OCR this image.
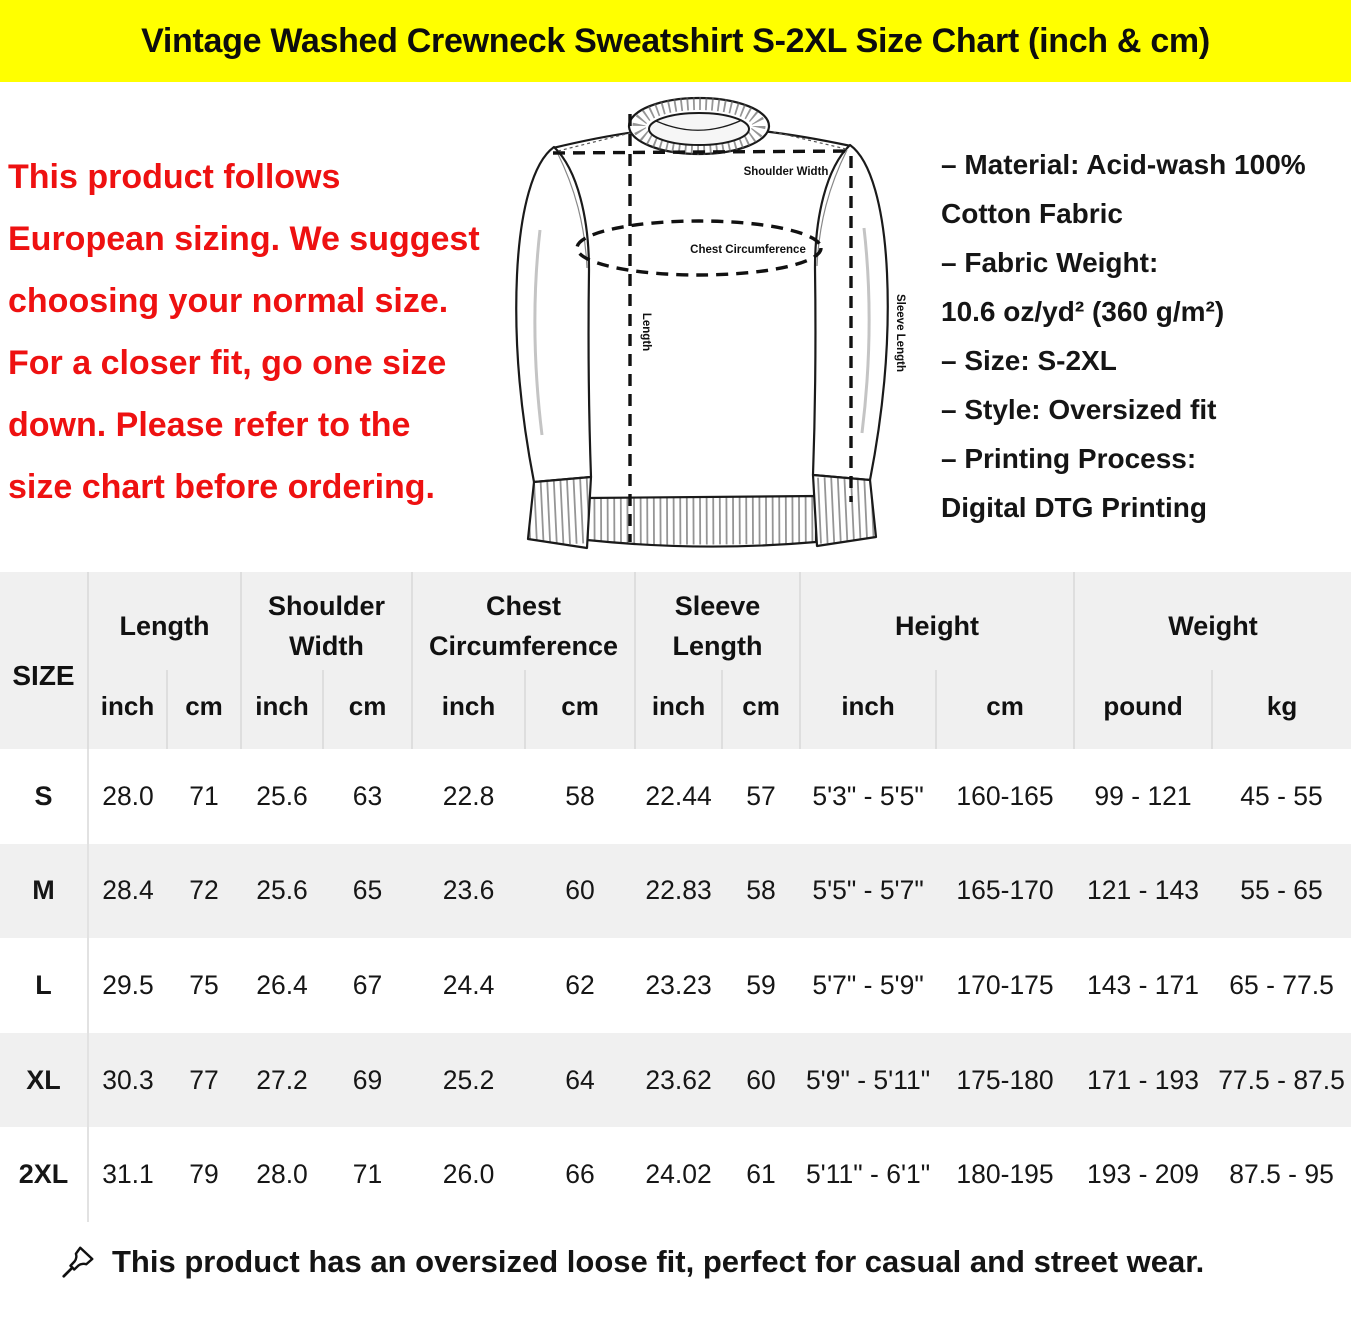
Vintage Washed Crewneck Sweatshirt S-2XL Size Chart (inch & cm)
This product follows
European sizing. We suggest
choosing your normal size.
For a closer fit, go one size
down. Please refer to the
size chart before ordering.
– Material: Acid-wash 100%
Cotton Fabric
– Fabric Weight:
10.6 oz/yd² (360 g/m²)
– Size: S-2XL
– Style: Oversized fit
– Printing Process:
Digital DTG Printing
Shoulder Width
Chest Circumference
Length	Sleeve Length
SIZE	Length		Shoulder Width		Chest Circumference		Sleeve Length		Height		Weight	
	inch	cm	inch	cm	inch	cm	inch	cm	inch	cm	pound	kg
S	28.0	71	25.6	63	22.8	58	22.44	57	5'3" - 5'5"	160-165	99 - 121	45 - 55
M	28.4	72	25.6	65	23.6	60	22.83	58	5'5" - 5'7"	165-170	121 - 143	55 - 65
L	29.5	75	26.4	67	24.4	62	23.23	59	5'7" - 5'9"	170-175	143 - 171	65 - 77.5
XL	30.3	77	27.2	69	25.2	64	23.62	60	5'9" - 5'11"	175-180	171 - 193	77.5 - 87.5
2XL	31.1	79	28.0	71	26.0	66	24.02	61	5'11" - 6'1"	180-195	193 - 209	87.5 - 95
This product has an oversized loose fit, perfect for casual and street wear.
